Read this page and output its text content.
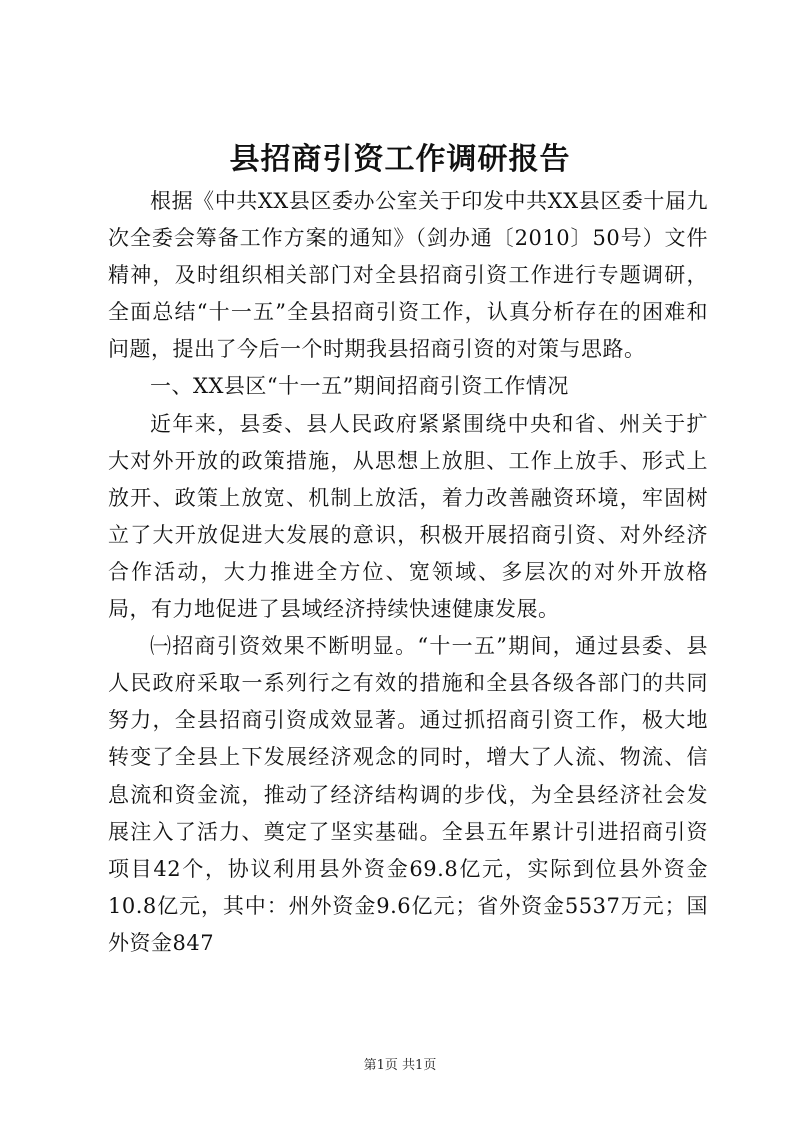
县招商引资工作调研报告

根据《中共XX县区委办公室关于印发中共XX县区委十届九次全委会筹备工作方案的通知》（剑办通〔2010〕50号）文件精神，及时组织相关部门对全县招商引资工作进行专题调研，全面总结“十一五”全县招商引资工作，认真分析存在的困难和问题，提出了今后一个时期我县招商引资的对策与思路。

一、XX县区“十一五”期间招商引资工作情况

近年来，县委、县人民政府紧紧围绕中央和省、州关于扩大对外开放的政策措施，从思想上放胆、工作上放手、形式上放开、政策上放宽、机制上放活，着力改善融资环境，牢固树立了大开放促进大发展的意识，积极开展招商引资、对外经济合作活动，大力推进全方位、宽领域、多层次的对外开放格局，有力地促进了县域经济持续快速健康发展。

㈠招商引资效果不断明显。“十一五”期间，通过县委、县人民政府采取一系列行之有效的措施和全县各级各部门的共同努力，全县招商引资成效显著。通过抓招商引资工作，极大地转变了全县上下发展经济观念的同时，增大了人流、物流、信息流和资金流，推动了经济结构调的步伐，为全县经济社会发展注入了活力、奠定了坚实基础。全县五年累计引进招商引资项目42个，协议利用县外资金69.8亿元，实际到位县外资金10.8亿元，其中：州外资金9.6亿元；省外资金5537万元；国外资金847

第1页 共1页
